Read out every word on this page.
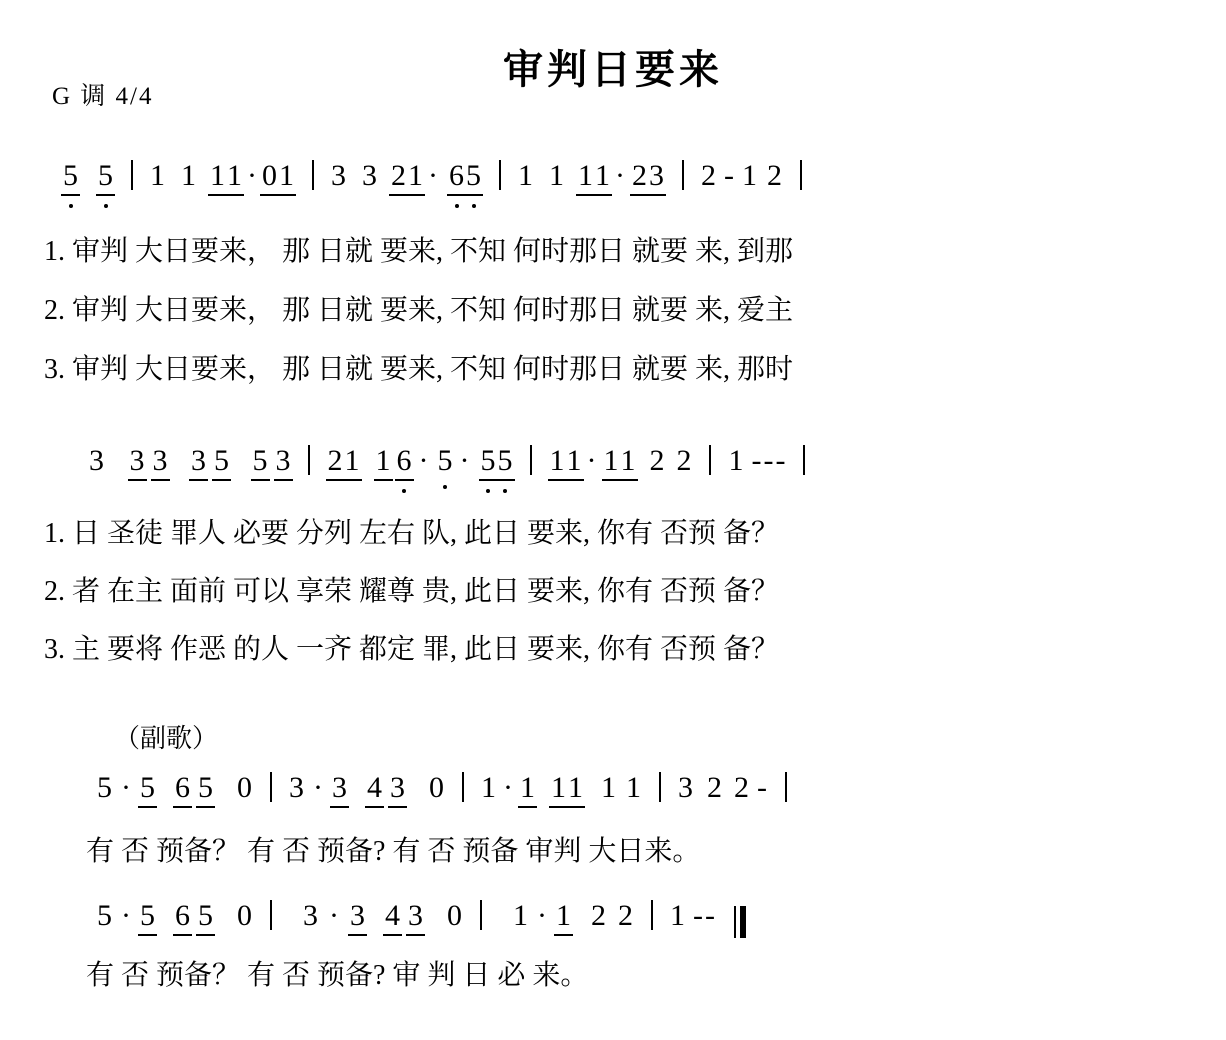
审判日要来
G 调 4/4
5 5 1 1 11 · 01 3 3 21 · 65 1 1 11 · 23 2 - 1 2
1. 审判 大日要来， 那 日就 要来, 不知 何时那日 就要 来, 到那
2. 审判 大日要来， 那 日就 要来, 不知 何时那日 就要 来, 爱主
3. 审判 大日要来， 那 日就 要来, 不知 何时那日 就要 来, 那时
3 3 3 3 5 5 3 21 1 6 · 5 · 55 11 · 11 2 2 1 ---
1. 日 圣徒 罪人 必要 分列 左右 队, 此日 要来, 你有 否预 备？
2. 者 在主 面前 可以 享荣 耀尊 贵, 此日 要来, 你有 否预 备？
3. 主 要将 作恶 的人 一齐 都定 罪, 此日 要来, 你有 否预 备？
（副歌）
5 · 5 6 5 0 3 · 3 4 3 0 1 · 1 11 1 1 3 2 2 -
有 否 预备？ 有 否 预备? 有 否 预备 审判 大日来。
5 · 5 6 5 0 3 · 3 4 3 0 1 · 1 2 2 1 --
有 否 预备？ 有 否 预备? 审 判 日 必 来。
